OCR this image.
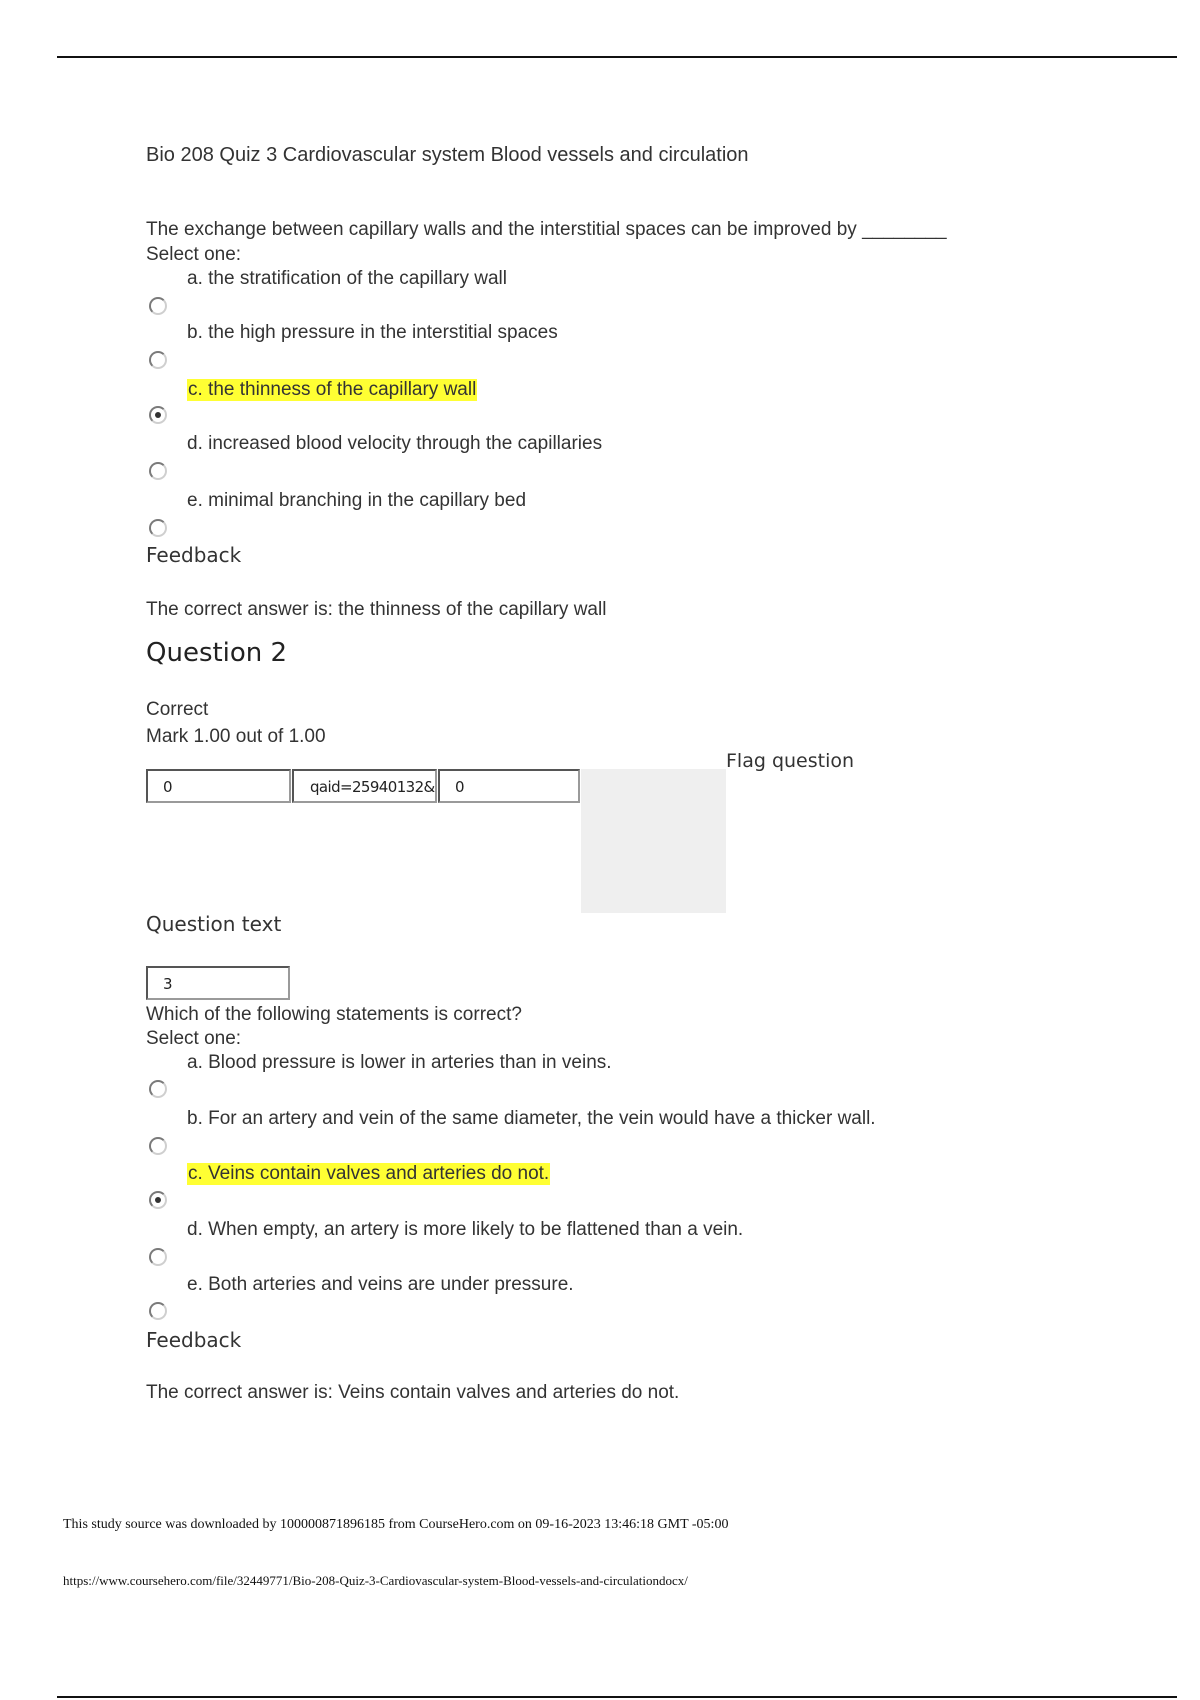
Bio 208 Quiz 3 Cardiovascular system Blood vessels and circulation
The exchange between capillary walls and the interstitial spaces can be improved by ________
Select one:
a. the stratification of the capillary wall
b. the high pressure in the interstitial spaces
c. the thinness of the capillary wall
d. increased blood velocity through the capillaries
e. minimal branching in the capillary bed
Feedback
The correct answer is: the thinness of the capillary wall
Question 2
Correct
Mark 1.00 out of 1.00
Flag question
0	qaid=25940132&	0
Question text
3
Which of the following statements is correct?
Select one:
a. Blood pressure is lower in arteries than in veins.
b. For an artery and vein of the same diameter, the vein would have a thicker wall.
c. Veins contain valves and arteries do not.
d. When empty, an artery is more likely to be flattened than a vein.
e. Both arteries and veins are under pressure.
Feedback
The correct answer is: Veins contain valves and arteries do not.
This study source was downloaded by 100000871896185 from CourseHero.com on 09-16-2023 13:46:18 GMT -05:00
https://www.coursehero.com/file/32449771/Bio-208-Quiz-3-Cardiovascular-system-Blood-vessels-and-circulationdocx/
